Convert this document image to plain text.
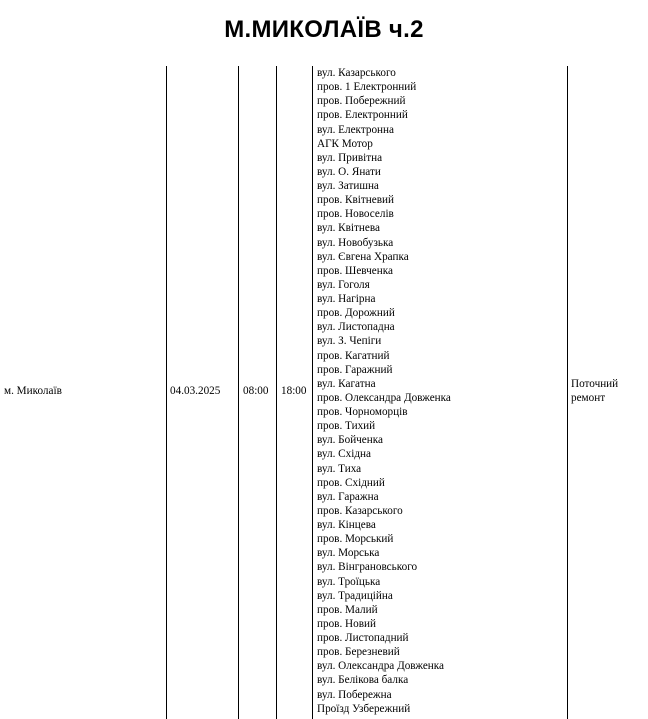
М.МИКОЛАЇВ ч.2
м. Миколаїв	04.03.2025 08:00 18:00
Поточний
ремонт
вул. Казарського
пров. 1 Електронний
пров. Побережний
пров. Електронний
вул. Електронна
АГК Мотор
вул. Привітна
вул. О. Янати
вул. Затишна
пров. Квітневий
пров. Новоселів
вул. Квітнева
вул. Новобузька
вул. Євгена Храпка
пров. Шевченка
вул. Гоголя
вул. Нагірна
пров. Дорожний
вул. Листопадна
вул. З. Чепіги
пров. Кагатний
пров. Гаражний
вул. Кагатна
пров. Олександра Довженка
пров. Чорноморців
пров. Тихий
вул. Бойченка
вул. Східна
вул. Тиха
пров. Східний
вул. Гаражна
пров. Казарського
вул. Кінцева
пров. Морський
вул. Морська
вул. Вінграновського
вул. Троїцька
вул. Традиційна
пров. Малий
пров. Новий
пров. Листопадний
пров. Березневий
вул. Олександра Довженка
вул. Белікова балка
вул. Побережна
Проїзд Узбережний
